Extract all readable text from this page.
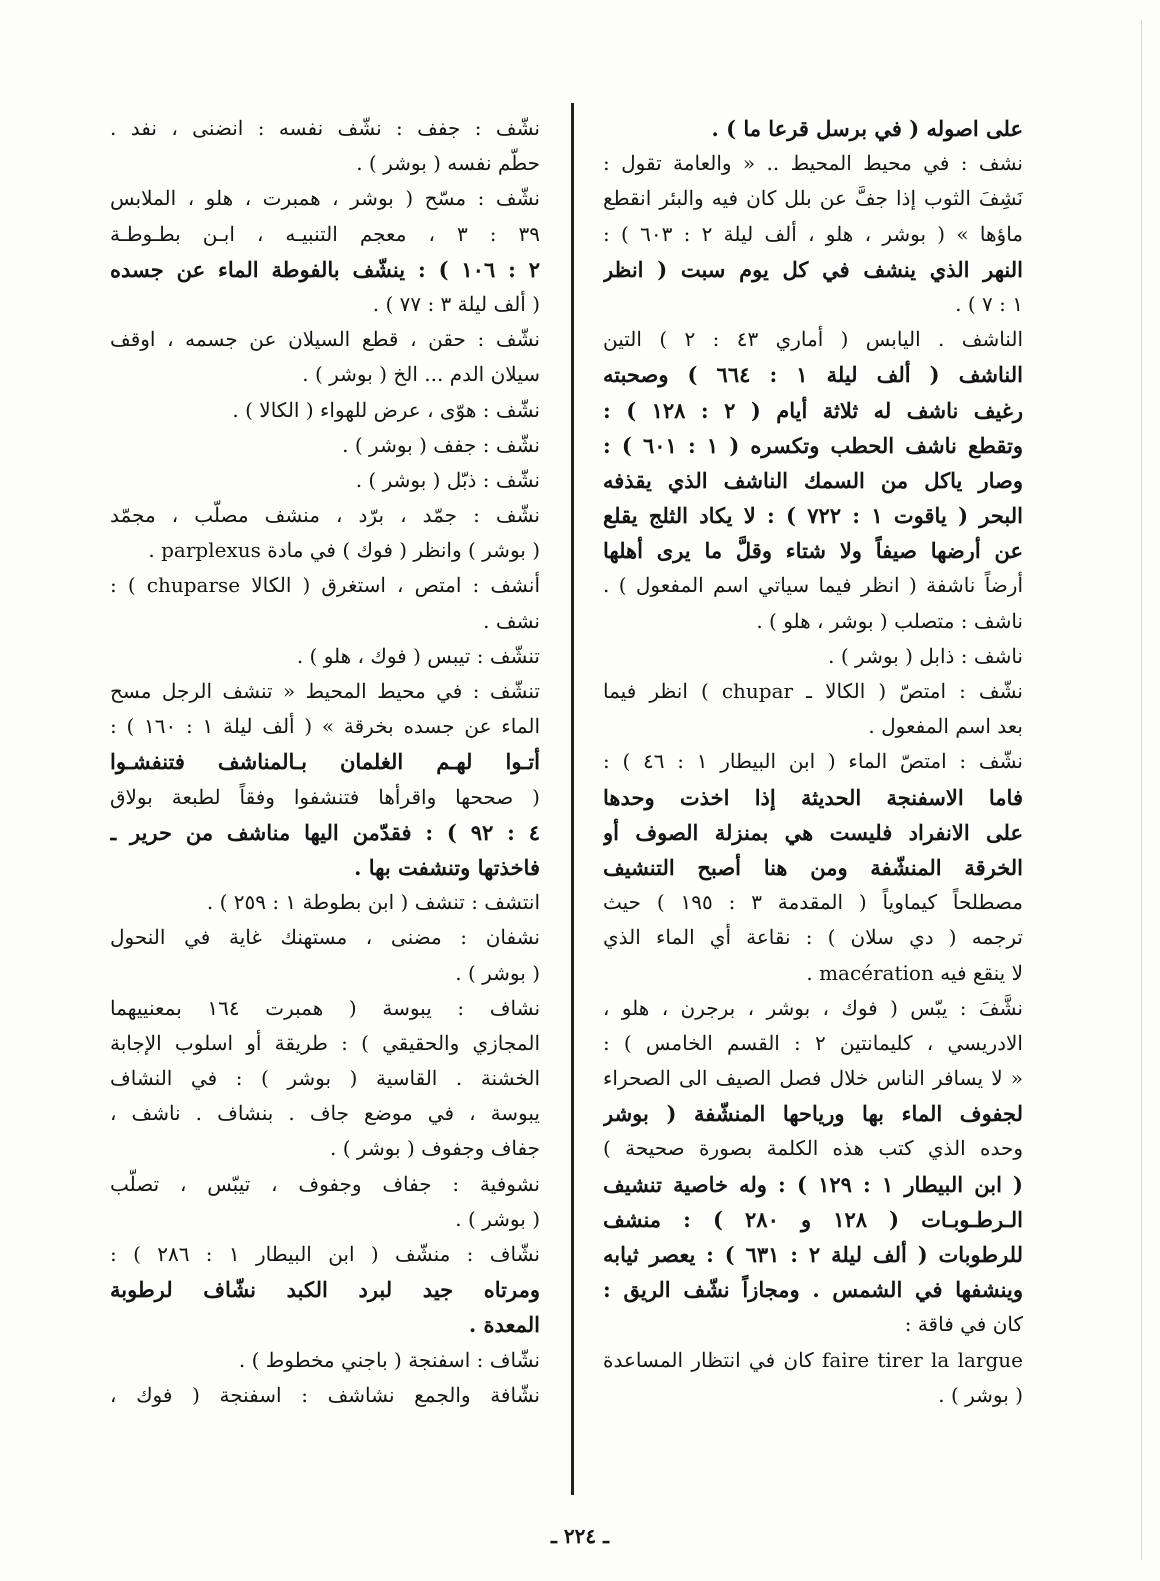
على اصوله ( في برسل قرعا ما ) .
نشف : في محيط المحيط .. « والعامة تقول :
نَشِفَ الثوب إذا جفَّ عن بلل كان فيه والبئر انقطع
ماؤها » ( بوشر ، هلو ، ألف ليلة ٢ : ٦٠٣ ) :
النهر الذي ينشف في كل يوم سبت ( انظر
١ : ٧ ) .
الناشف . اليابس ( أماري ٤٣ : ٢ ) التين
الناشف ( ألف ليلة ١ : ٦٦٤ ) وصحبته
رغيف ناشف له ثلاثة أيام ( ٢ : ١٢٨ ) :
وتقطع ناشف الحطب وتكسره ( ١ : ٦٠١ ) :
وصار ياكل من السمك الناشف الذي يقذفه
البحر ( ياقوت ١ : ٧٢٢ ) : لا يكاد الثلج يقلع
عن أرضها صيفاً ولا شتاء وقلَّ ما يرى أهلها
أرضاً ناشفة ( انظر فيما سياتي اسم المفعول ) .
ناشف : متصلب ( بوشر ، هلو ) .
ناشف : ذابل ( بوشر ) .
نشّف : امتصّ ( الكالا ـ chupar ) انظر فيما
بعد اسم المفعول .
نشّف : امتصّ الماء ( ابن البيطار ١ : ٤٦ ) :
فاما الاسفنجة الحديثة إذا اخذت وحدها
على الانفراد فليست هي بمنزلة الصوف أو
الخرقة المنشّفة ومن هنا أصبح التنشيف
مصطلحاً كيماوياً ( المقدمة ٣ : ١٩٥ ) حيث
ترجمه ( دي سلان ) : نقاعة أي الماء الذي
لا ينقع فيه macération .
نشَّفَ : يبّس ( فوك ، بوشر ، برجرن ، هلو ،
الادريسي ، كليمانتين ٢ : القسم الخامس ) :
« لا يسافر الناس خلال فصل الصيف الى الصحراء
لجفوف الماء بها ورياحها المنشّفة ( بوشر
وحده الذي كتب هذه الكلمة بصورة صحيحة )
( ابن البيطار ١ : ١٢٩ ) : وله خاصية تنشيف
الـرطـوبـات ( ١٢٨ و ٢٨٠ ) : منشف
للرطوبات ( ألف ليلة ٢ : ٦٣١ ) : يعصر ثيابه
وينشفها في الشمس . ومجازاً نشّف الريق :
كان في فاقة :
faire tirer la largue كان في انتظار المساعدة
( بوشر ) .
نشّف : جفف : نشّف نفسه : انضنى ، نفد .
حطّم نفسه ( بوشر ) .
نشّف : مسّح ( بوشر ، همبرت ، هلو ، الملابس
٣٩ : ٣ ، معجم التنبيـه ، ابـن بطـوطـة
٢ : ١٠٦ ) : ينشّف بالفوطة الماء عن جسده
( ألف ليلة ٣ : ٧٧ ) .
نشّف : حقن ، قطع السيلان عن جسمه ، اوقف
سيلان الدم ... الخ ( بوشر ) .
نشّف : هوّى ، عرض للهواء ( الكالا ) .
نشّف : جفف ( بوشر ) .
نشّف : ذبّل ( بوشر ) .
نشّف : جمّد ، برّد ، منشف مصلّب ، مجمّد
( بوشر ) وانظر ( فوك ) في مادة parplexus .
أنشف : امتص ، استغرق ( الكالا chuparse ) :
نشف .
تنشّف : تيبس ( فوك ، هلو ) .
تنشّف : في محيط المحيط « تنشف الرجل مسح
الماء عن جسده بخرقة » ( ألف ليلة ١ : ١٦٠ ) :
أتـوا لهـم الغلمان بـالمناشف فتنفشـوا
( صححها واقرأها فتنشفوا وفقاً لطبعة بولاق
٤ : ٩٢ ) : فقدّمن اليها مناشف من حرير ـ
فاخذتها وتنشفت بها .
انتشف : تنشف ( ابن بطوطة ١ : ٢٥٩ ) .
نشفان : مضنى ، مستهنك غاية في النحول
( بوشر ) .
نشاف : يبوسة ( همبرت ١٦٤ بمعنييهما
المجازي والحقيقي ) : طريقة أو اسلوب الإجابة
الخشنة . القاسية ( بوشر ) : في النشاف
يبوسة ، في موضع جاف . بنشاف . ناشف ،
جفاف وجفوف ( بوشر ) .
نشوفية : جفاف وجفوف ، تيبّس ، تصلّب
( بوشر ) .
نشّاف : منشّف ( ابن البيطار ١ : ٢٨٦ ) :
ومرتاه جيد لبرد الكبد نشّاف لرطوبة
المعدة .
نشّاف : اسفنجة ( باجني مخطوط ) .
نشّافة والجمع نشاشف : اسفنجة ( فوك ،
ـ ٢٢٤ ـ
